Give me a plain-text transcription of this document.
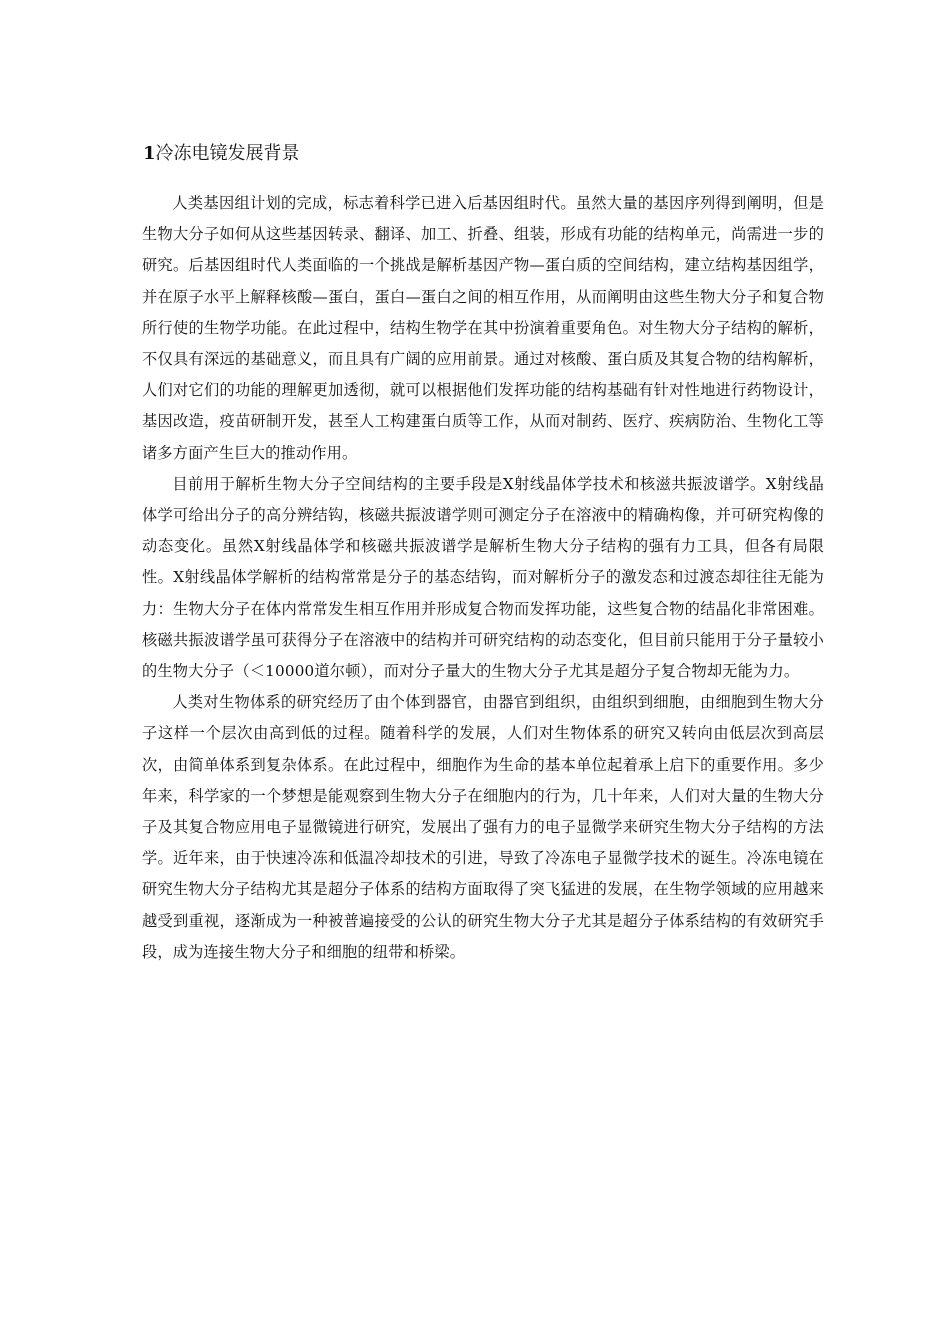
1冷冻电镜发展背景

人类基因组计划的完成，标志着科学已进入后基因组时代。虽然大量的基因序列得到阐明，但是生物大分子如何从这些基因转录、翻译、加工、折叠、组装，形成有功能的结构单元，尚需进一步的研究。后基因组时代人类面临的一个挑战是解析基因产物—蛋白质的空间结构，建立结构基因组学，并在原子水平上解释核酸—蛋白，蛋白—蛋白之间的相互作用，从而阐明由这些生物大分子和复合物所行使的生物学功能。在此过程中，结构生物学在其中扮演着重要角色。对生物大分子结构的解析，不仅具有深远的基础意义，而且具有广阔的应用前景。通过对核酸、蛋白质及其复合物的结构解析，人们对它们的功能的理解更加透彻，就可以根据他们发挥功能的结构基础有针对性地进行药物设计，基因改造，疫苗研制开发，甚至人工构建蛋白质等工作，从而对制药、医疗、疾病防治、生物化工等诸多方面产生巨大的推动作用。

目前用于解析生物大分子空间结构的主要手段是X射线晶体学技术和核滋共振波谱学。X射线晶体学可给出分子的高分辨结钩，核磁共振波谱学则可测定分子在溶液中的精确构像，并可研究构像的动态变化。虽然X射线晶体学和核磁共振波谱学是解析生物大分子结构的强有力工具，但各有局限性。X射线晶体学解析的结构常常是分子的基态结钩，而对解析分子的激发态和过渡态却往往无能为力：生物大分子在体内常常发生相互作用并形成复合物而发挥功能，这些复合物的结晶化非常困难。核磁共振波谱学虽可获得分子在溶液中的结构并可研究结构的动态变化，但目前只能用于分子量较小的生物大分子（＜10000道尔顿），而对分子量大的生物大分子尤其是超分子复合物却无能为力。

人类对生物体系的研究经历了由个体到器官，由器官到组织，由组织到细胞，由细胞到生物大分子这样一个层次由高到低的过程。随着科学的发展，人们对生物体系的研究又转向由低层次到高层次，由简单体系到复杂体系。在此过程中，细胞作为生命的基本单位起着承上启下的重要作用。多少年来，科学家的一个梦想是能观察到生物大分子在细胞内的行为，几十年来，人们对大量的生物大分子及其复合物应用电子显微镜进行研究，发展出了强有力的电子显微学来研究生物大分子结构的方法学。近年来，由于快速冷冻和低温冷却技术的引进，导致了冷冻电子显微学技术的诞生。冷冻电镜在研究生物大分子结构尤其是超分子体系的结构方面取得了突飞猛进的发展，在生物学领域的应用越来越受到重视，逐渐成为一种被普遍接受的公认的研究生物大分子尤其是超分子体系结构的有效研究手段，成为连接生物大分子和细胞的纽带和桥梁。
